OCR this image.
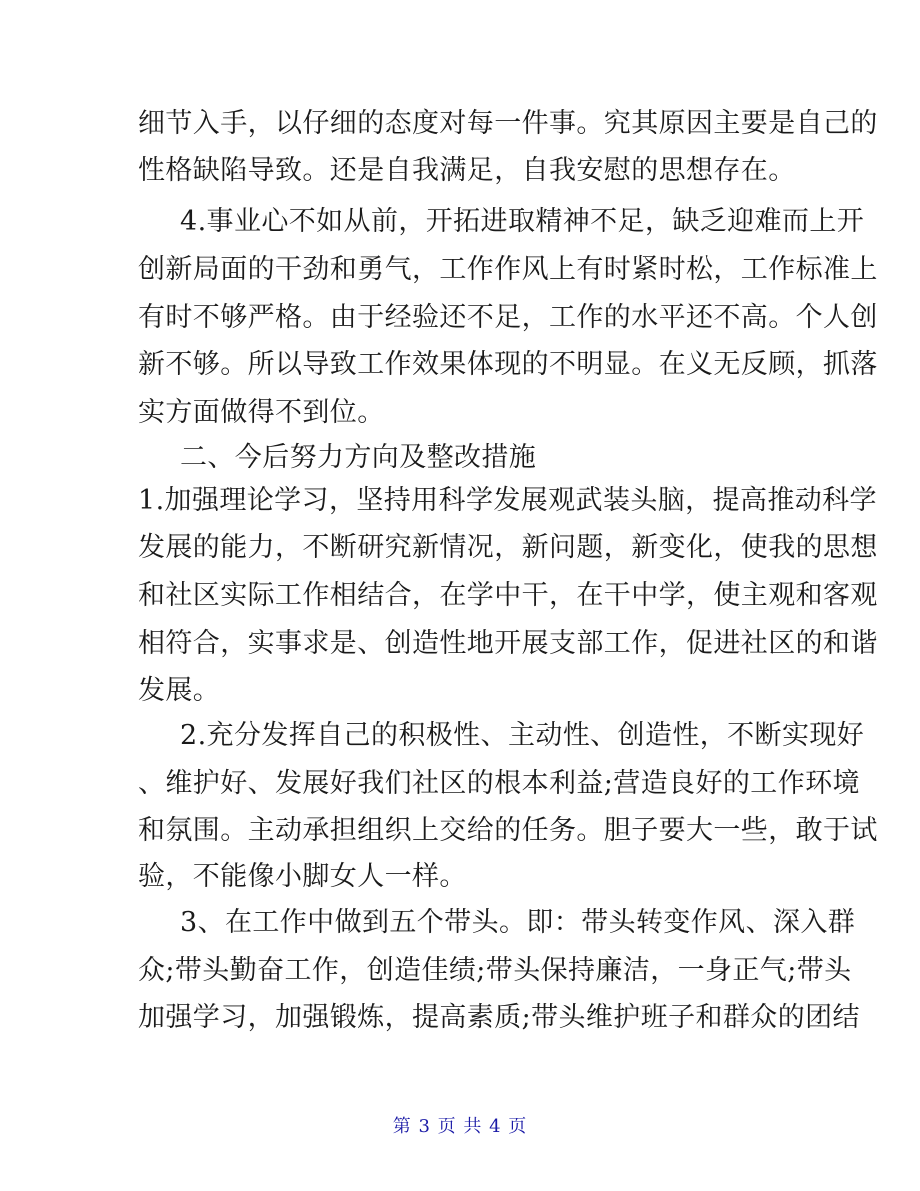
细节入手，以仔细的态度对每一件事。究其原因主要是自己的
性格缺陷导致。还是自我满足，自我安慰的思想存在。
4.事业心不如从前，开拓进取精神不足，缺乏迎难而上开
创新局面的干劲和勇气，工作作风上有时紧时松，工作标准上
有时不够严格。由于经验还不足，工作的水平还不高。个人创
新不够。所以导致工作效果体现的不明显。在义无反顾，抓落
实方面做得不到位。
二、今后努力方向及整改措施
1.加强理论学习，坚持用科学发展观武装头脑，提高推动科学
发展的能力，不断研究新情况，新问题，新变化，使我的思想
和社区实际工作相结合，在学中干，在干中学，使主观和客观
相符合，实事求是、创造性地开展支部工作，促进社区的和谐
发展。
2.充分发挥自己的积极性、主动性、创造性，不断实现好
、维护好、发展好我们社区的根本利益;营造良好的工作环境
和氛围。主动承担组织上交给的任务。胆子要大一些，敢于试
验，不能像小脚女人一样。
3、在工作中做到五个带头。即：带头转变作风、深入群
众;带头勤奋工作，创造佳绩;带头保持廉洁，一身正气;带头
加强学习，加强锻炼，提高素质;带头维护班子和群众的团结
第 3 页 共 4 页
